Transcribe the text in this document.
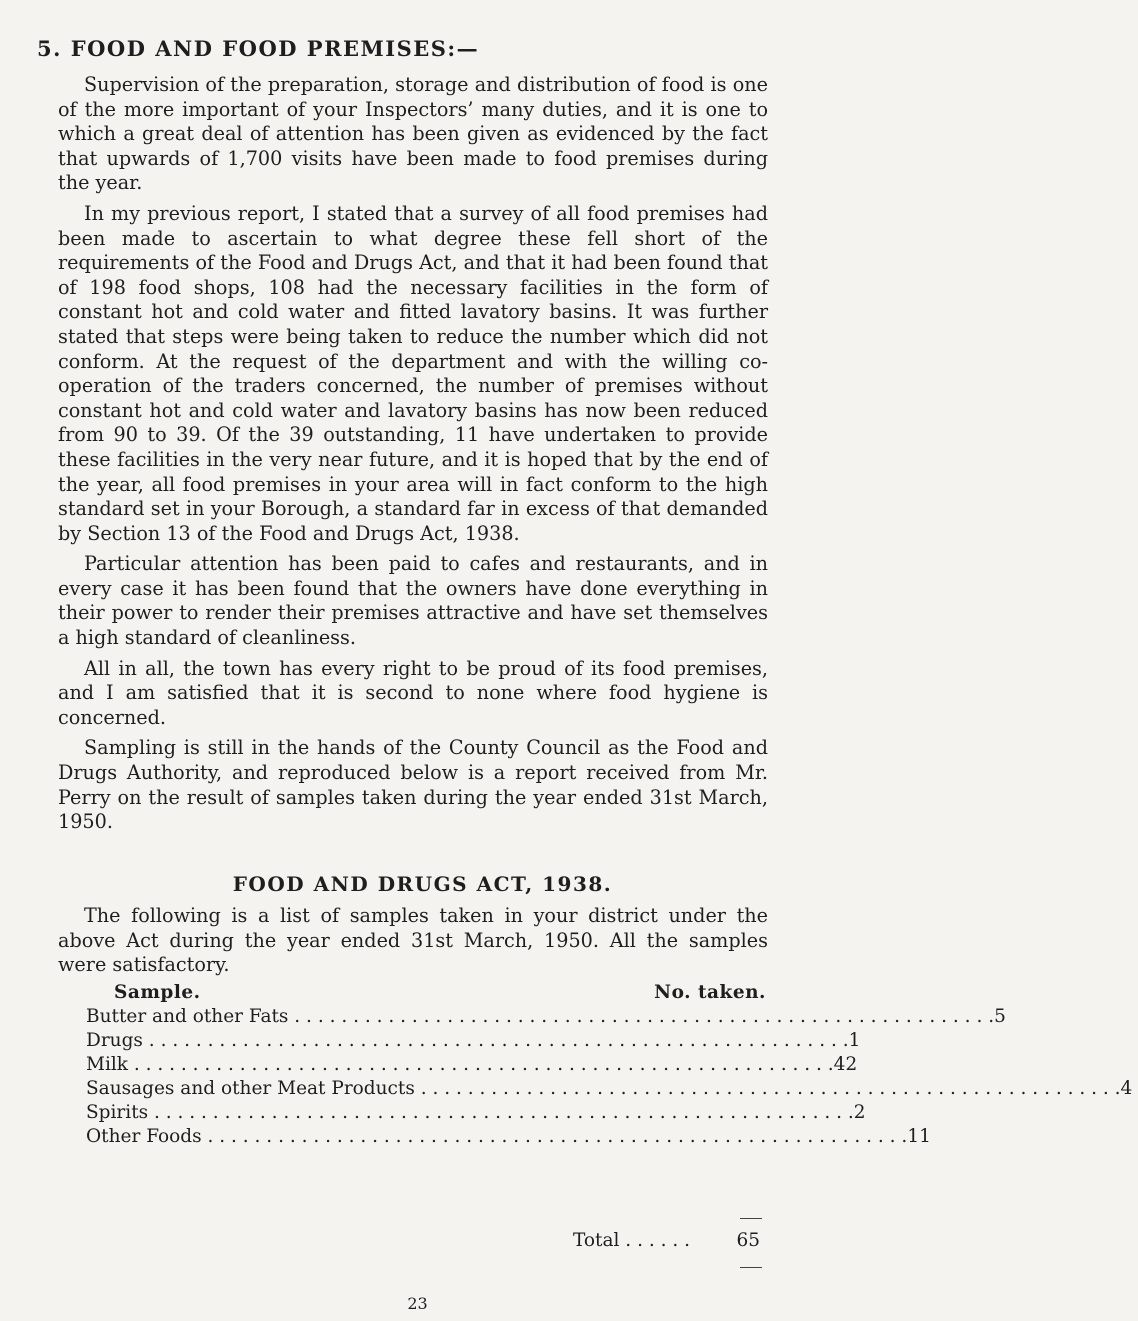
5. FOOD AND FOOD PREMISES:—

Supervision of the preparation, storage and distribution of food is one of the more important of your Inspectors’ many duties, and it is one to which a great deal of attention has been given as evidenced by the fact that upwards of 1,700 visits have been made to food premises during the year.

In my previous report, I stated that a survey of all food premises had been made to ascertain to what degree these fell short of the requirements of the Food and Drugs Act, and that it had been found that of 198 food shops, 108 had the necessary facilities in the form of constant hot and cold water and fitted lavatory basins. It was further stated that steps were being taken to reduce the number which did not conform. At the request of the department and with the willing co-operation of the traders concerned, the number of premises without constant hot and cold water and lavatory basins has now been reduced from 90 to 39. Of the 39 outstanding, 11 have undertaken to provide these facilities in the very near future, and it is hoped that by the end of the year, all food premises in your area will in fact conform to the high standard set in your Borough, a standard far in excess of that demanded by Section 13 of the Food and Drugs Act, 1938.

Particular attention has been paid to cafes and restaurants, and in every case it has been found that the owners have done everything in their power to render their premises attractive and have set themselves a high standard of cleanliness.

All in all, the town has every right to be proud of its food premises, and I am satisfied that it is second to none where food hygiene is concerned.

Sampling is still in the hands of the County Council as the Food and Drugs Authority, and reproduced below is a report received from Mr. Perry on the result of samples taken during the year ended 31st March, 1950.

FOOD AND DRUGS ACT, 1938.

The following is a list of samples taken in your district under the above Act during the year ended 31st March, 1950. All the samples were satisfactory.

Sample.	No. taken.
Butter and other Fats . . . . . . . . . . . . . . . . . . . . . . . . . . . . . . . . . . . . . . . . . . . . . . . . . . . . . . . . . . . . 5
Drugs . . . . . . . . . . . . . . . . . . . . . . . . . . . . . . . . . . . . . . . . . . . . . . . . . . . . . . . . . . . . 1
Milk . . . . . . . . . . . . . . . . . . . . . . . . . . . . . . . . . . . . . . . . . . . . . . . . . . . . . . . . . . . . 42
Sausages and other Meat Products . . . . . . . . . . . . . . . . . . . . . . . . . . . . . . . . . . . . . . . . . . . . . . . . . . . . . . . . . . . . 4
Spirits . . . . . . . . . . . . . . . . . . . . . . . . . . . . . . . . . . . . . . . . . . . . . . . . . . . . . . . . . . . . 2
Other Foods . . . . . . . . . . . . . . . . . . . . . . . . . . . . . . . . . . . . . . . . . . . . . . . . . . . . . . . . . . . . 11
Total . . . . . .	65
23
